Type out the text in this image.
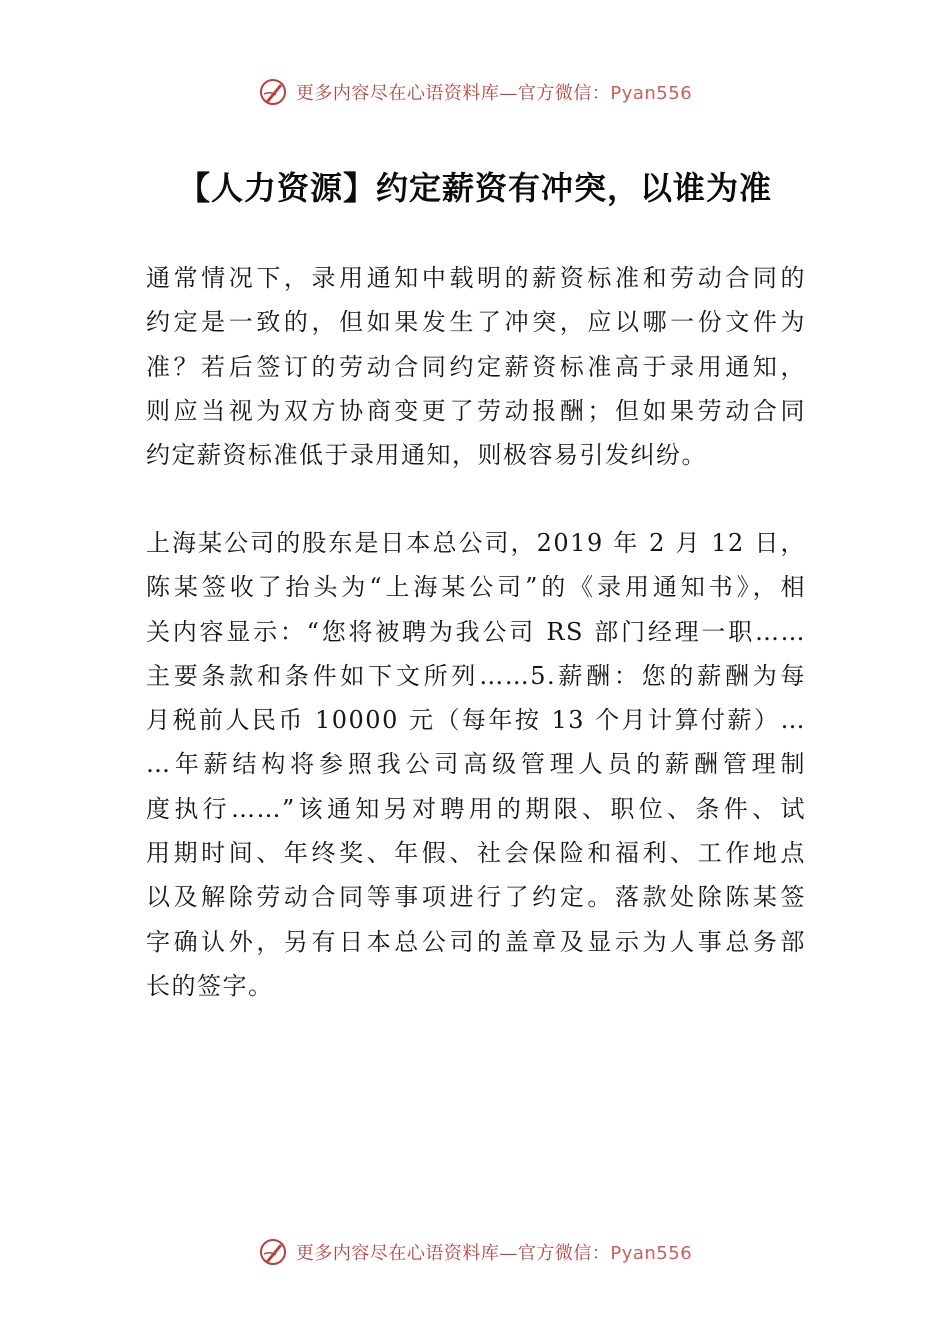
更多内容尽在心语资料库—官方微信：Pyan556
【人力资源】约定薪资有冲突，以谁为准

通常情况下，录用通知中载明的薪资标准和劳动合同的
约定是一致的，但如果发生了冲突，应以哪一份文件为
准？若后签订的劳动合同约定薪资标准高于录用通知，
则应当视为双方协商变更了劳动报酬；但如果劳动合同
约定薪资标准低于录用通知，则极容易引发纠纷。

上海某公司的股东是日本总公司，2019 年 2 月 12 日，
陈某签收了抬头为“上海某公司”的《录用通知书》，相
关内容显示：“您将被聘为我公司 RS 部门经理一职……
主要条款和条件如下文所列……5.薪酬：您的薪酬为每
月税前人民币 10000 元（每年按 13 个月计算付薪）…
…年薪结构将参照我公司高级管理人员的薪酬管理制
度执行……”该通知另对聘用的期限、职位、条件、试
用期时间、年终奖、年假、社会保险和福利、工作地点
以及解除劳动合同等事项进行了约定。落款处除陈某签
字确认外，另有日本总公司的盖章及显示为人事总务部
长的签字。

更多内容尽在心语资料库—官方微信：Pyan556
